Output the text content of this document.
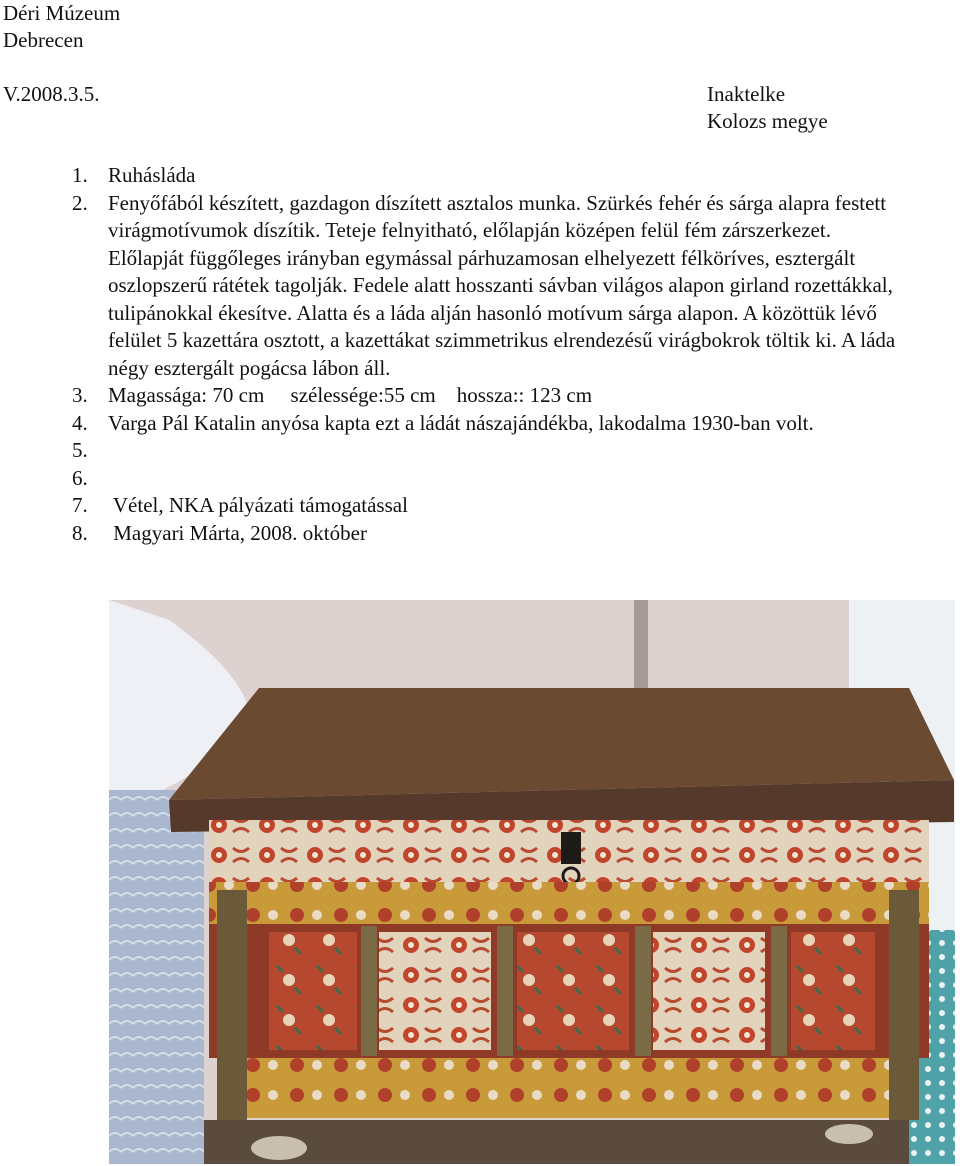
Déri Múzeum
Debrecen
V.2008.3.5.	Inaktelke
Kolozs megye
1. Ruhásláda
2. Fenyőfából készített, gazdagon díszített asztalos munka. Szürkés fehér és sárga alapra festett virágmotívumok díszítik. Teteje felnyitható, előlapján középen felül fém zárszerkezet. Előlapját függőleges irányban egymással párhuzamosan elhelyezett félköríves, esztergált oszlopszerű rátétek tagolják. Fedele alatt hosszanti sávban világos alapon girland rozettákkal, tulipánokkal ékesítve. Alatta és a láda alján hasonló motívum sárga alapon. A közöttük lévő felület 5 kazettára osztott, a kazettákat szimmetrikus elrendezésű virágbokrok töltik ki. A láda négy esztergált pogácsa lábon áll.
3. Magassága: 70 cm     szélessége:55 cm    hossza:: 123 cm
4. Varga Pál Katalin anyósa kapta ezt a ládát nászajándékba, lakodalma 1930-ban volt.
5.
6.
7. Vétel, NKA pályázati támogatással
8. Magyari Márta, 2008. október
